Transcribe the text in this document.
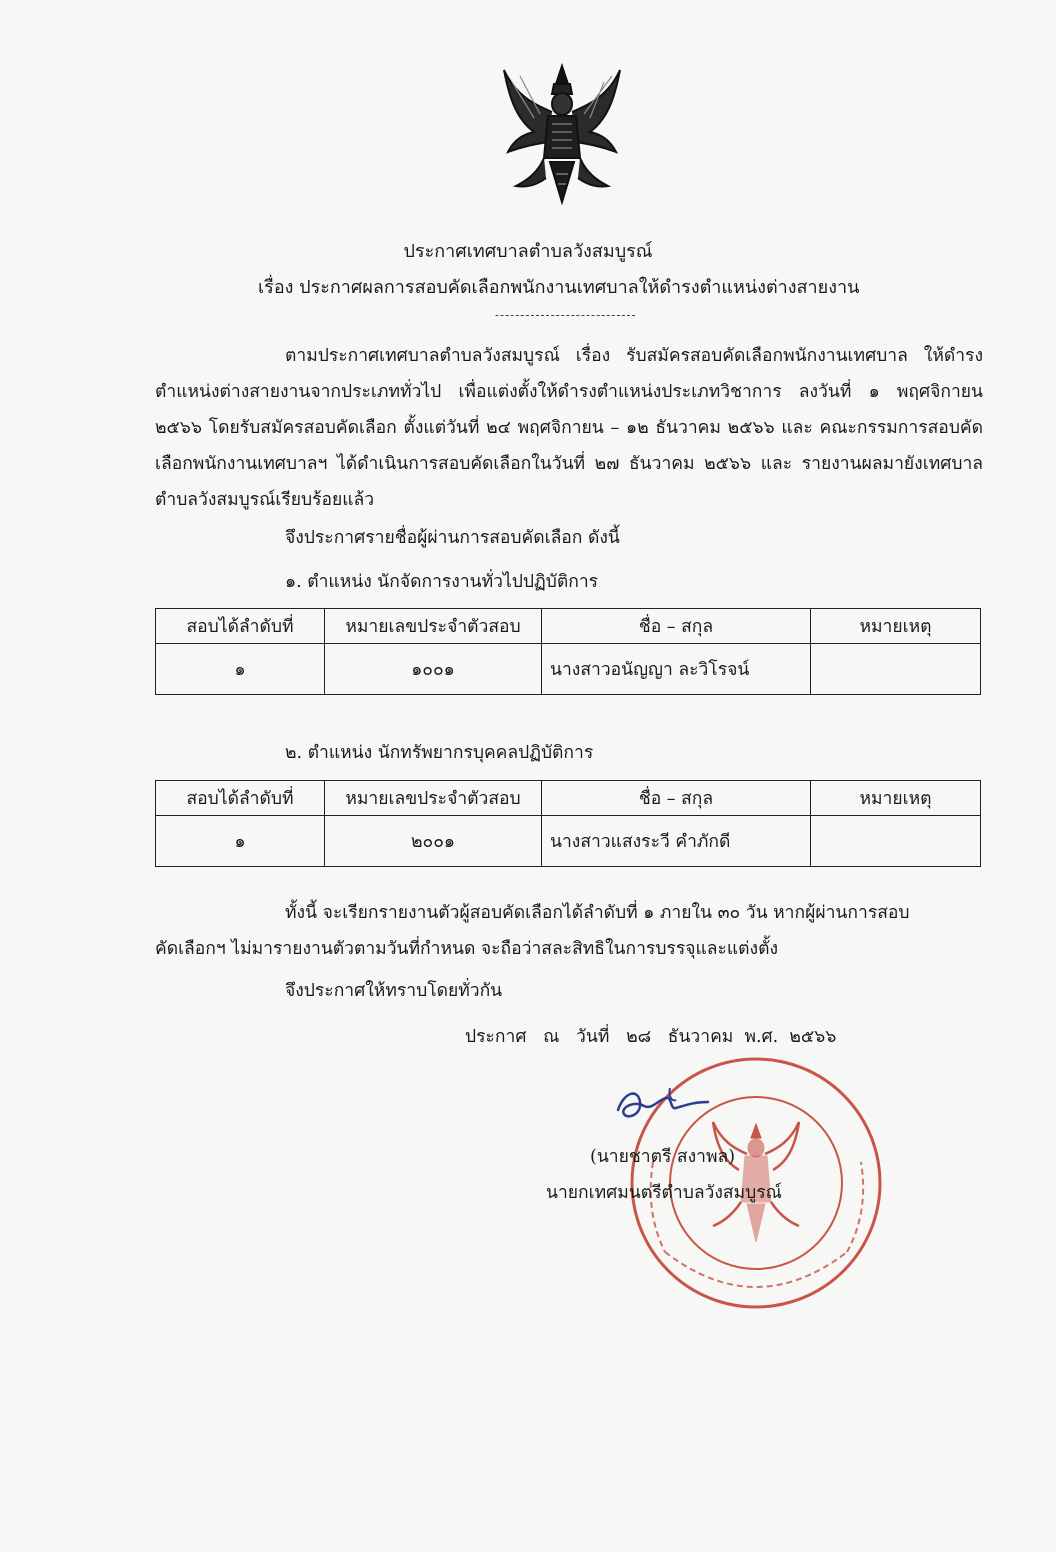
ประกาศเทศบาลตำบลวังสมบูรณ์
เรื่อง ประกาศผลการสอบคัดเลือกพนักงานเทศบาลให้ดำรงตำแหน่งต่างสายงาน
----------------------------
ตามประกาศเทศบาลตำบลวังสมบูรณ์ เรื่อง รับสมัครสอบคัดเลือกพนักงานเทศบาล ให้ดำรงตำแหน่งต่างสายงานจากประเภททั่วไป เพื่อแต่งตั้งให้ดำรงตำแหน่งประเภทวิชาการ ลงวันที่ ๑ พฤศจิกายน ๒๕๖๖ โดยรับสมัครสอบคัดเลือก ตั้งแต่วันที่ ๒๔ พฤศจิกายน – ๑๒ ธันวาคม ๒๕๖๖ และ คณะกรรมการสอบคัดเลือกพนักงานเทศบาลฯ ได้ดำเนินการสอบคัดเลือกในวันที่ ๒๗ ธันวาคม ๒๕๖๖ และ รายงานผลมายังเทศบาลตำบลวังสมบูรณ์เรียบร้อยแล้ว
จึงประกาศรายชื่อผู้ผ่านการสอบคัดเลือก ดังนี้
๑. ตำแหน่ง นักจัดการงานทั่วไปปฏิบัติการ
สอบได้ลำดับที่	หมายเลขประจำตัวสอบ	ชื่อ – สกุล	หมายเหตุ
๑	๑๐๐๑	นางสาวอนัญญา ละวิโรจน์	
๒. ตำแหน่ง นักทรัพยากรบุคคลปฏิบัติการ
สอบได้ลำดับที่	หมายเลขประจำตัวสอบ	ชื่อ – สกุล	หมายเหตุ
๑	๒๐๐๑	นางสาวแสงระวี คำภักดี	
ทั้งนี้ จะเรียกรายงานตัวผู้สอบคัดเลือกได้ลำดับที่ ๑ ภายใน ๓๐ วัน หากผู้ผ่านการสอบ
คัดเลือกฯ ไม่มารายงานตัวตามวันที่กำหนด จะถือว่าสละสิทธิในการบรรจุและแต่งตั้ง
จึงประกาศให้ทราบโดยทั่วกัน
ประกาศ   ณ   วันที่   ๒๘   ธันวาคม  พ.ศ.  ๒๕๖๖
(นายชาตรี สงาพล)
นายกเทศมนตรีตำบลวังสมบูรณ์
